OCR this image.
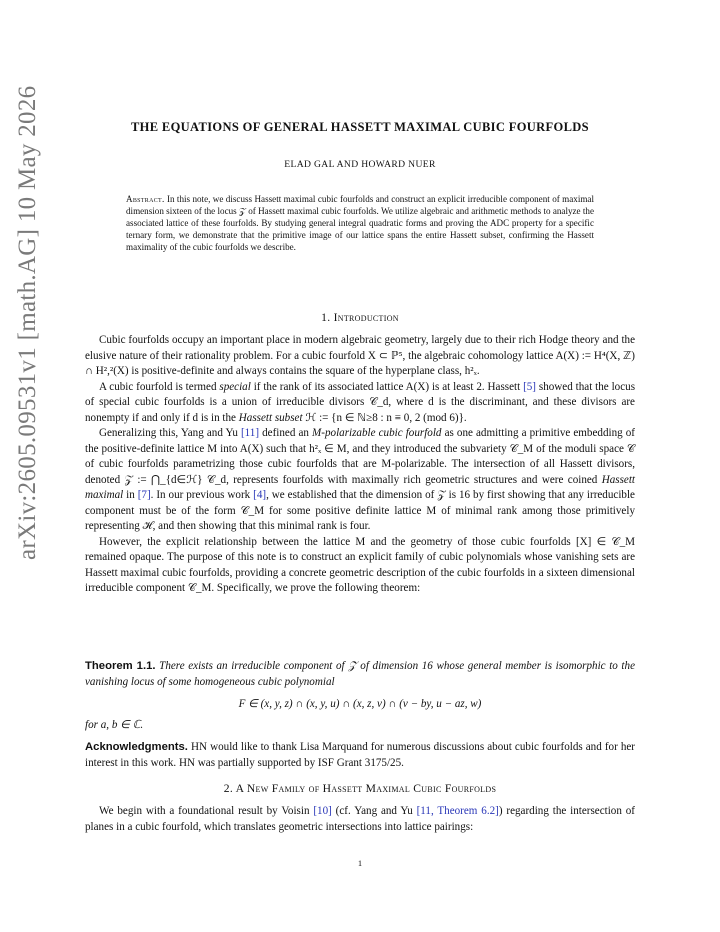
arXiv:2605.09531v1 [math.AG] 10 May 2026	THE EQUATIONS OF GENERAL HASSETT MAXIMAL CUBIC FOURFOLDS
ELAD GAL AND HOWARD NUER
Abstract. In this note, we discuss Hassett maximal cubic fourfolds and construct an explicit irreducible component of maximal dimension sixteen of the locus 𝒵 of Hassett maximal cubic fourfolds. We utilize algebraic and arithmetic methods to analyze the associated lattice of these fourfolds. By studying general integral quadratic forms and proving the ADC property for a specific ternary form, we demonstrate that the primitive image of our lattice spans the entire Hassett subset, confirming the Hassett maximality of the cubic fourfolds we describe.
1. Introduction

Cubic fourfolds occupy an important place in modern algebraic geometry, largely due to their rich Hodge theory and the elusive nature of their rationality problem. For a cubic fourfold X ⊂ ℙ⁵, the algebraic cohomology lattice A(X) := H⁴(X, ℤ) ∩ H²,²(X) is positive-definite and always contains the square of the hyperplane class, h²ₓ.

A cubic fourfold is termed special if the rank of its associated lattice A(X) is at least 2. Hassett [5] showed that the locus of special cubic fourfolds is a union of irreducible divisors 𝒞_d, where d is the discriminant, and these divisors are nonempty if and only if d is in the Hassett subset ℋ := {n ∈ ℕ≥8 : n ≡ 0, 2 (mod 6)}.

Generalizing this, Yang and Yu [11] defined an M-polarizable cubic fourfold as one admitting a primitive embedding of the positive-definite lattice M into A(X) such that h²ₓ ∈ M, and they introduced the subvariety 𝒞_M of the moduli space 𝒞 of cubic fourfolds parametrizing those cubic fourfolds that are M-polarizable. The intersection of all Hassett divisors, denoted 𝒵 := ⋂_{d∈ℋ} 𝒞_d, represents fourfolds with maximally rich geometric structures and were coined Hassett maximal in [7]. In our previous work [4], we established that the dimension of 𝒵 is 16 by first showing that any irreducible component must be of the form 𝒞_M for some positive definite lattice M of minimal rank among those primitively representing ℋ, and then showing that this minimal rank is four.

However, the explicit relationship between the lattice M and the geometry of those cubic fourfolds [X] ∈ 𝒞_M remained opaque. The purpose of this note is to construct an explicit family of cubic polynomials whose vanishing sets are Hassett maximal cubic fourfolds, providing a concrete geometric description of the cubic fourfolds in a sixteen dimensional irreducible component 𝒞_M. Specifically, we prove the following theorem:

Theorem 1.1. There exists an irreducible component of 𝒵 of dimension 16 whose general member is isomorphic to the vanishing locus of some homogeneous cubic polynomial
F ∈ (x, y, z) ∩ (x, y, u) ∩ (x, z, v) ∩ (v − by, u − az, w)
for a, b ∈ ℂ.
Acknowledgments. HN would like to thank Lisa Marquand for numerous discussions about cubic fourfolds and for her interest in this work. HN was partially supported by ISF Grant 3175/25.
2. A New Family of Hassett Maximal Cubic Fourfolds

We begin with a foundational result by Voisin [10] (cf. Yang and Yu [11, Theorem 6.2]) regarding the intersection of planes in a cubic fourfold, which translates geometric intersections into lattice pairings:

1
